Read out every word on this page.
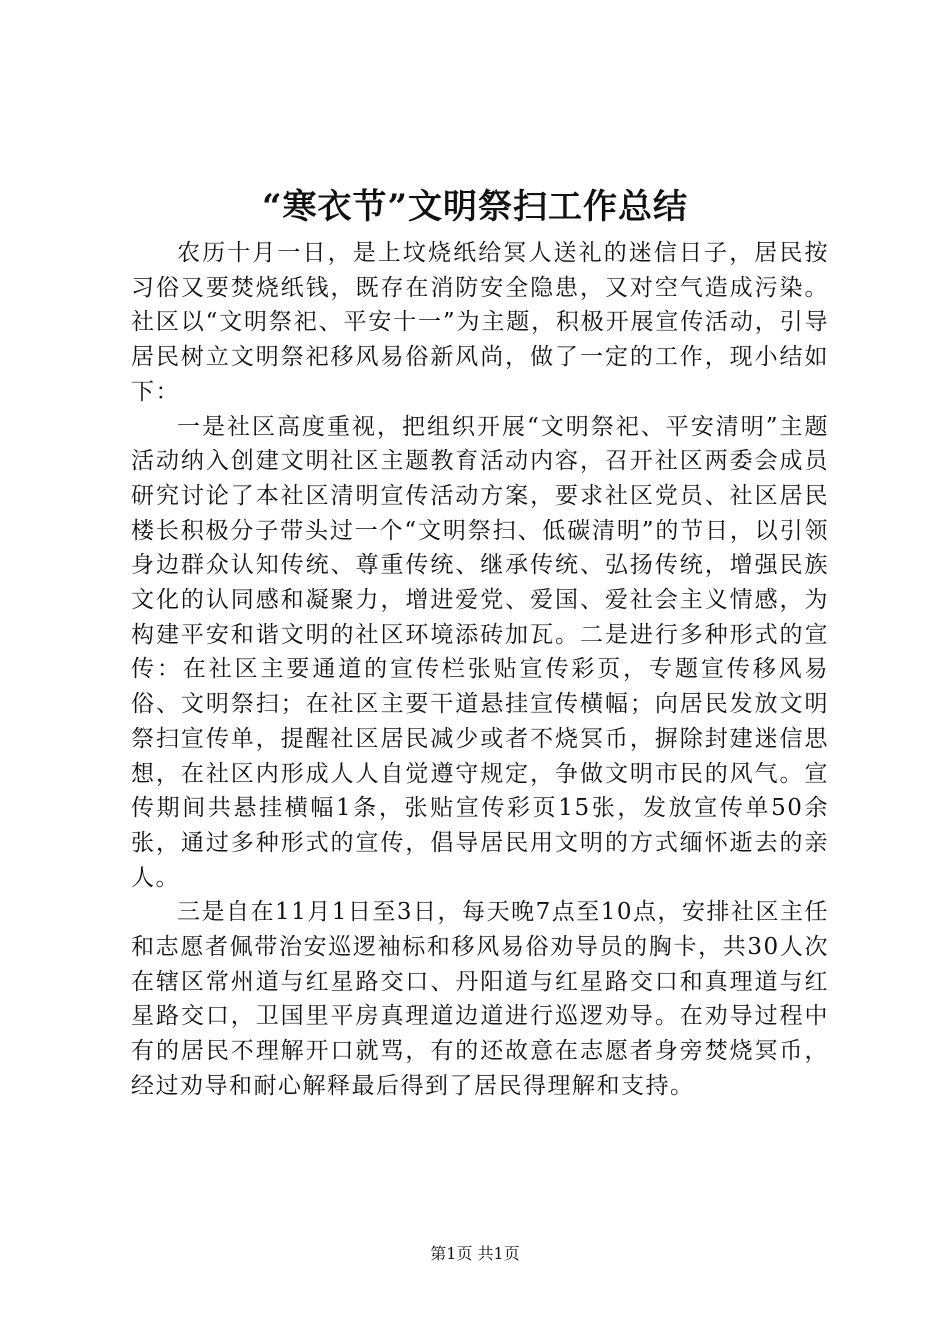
“寒衣节”文明祭扫工作总结

农历十月一日，是上坟烧纸给冥人送礼的迷信日子，居民按习俗又要焚烧纸钱，既存在消防安全隐患，又对空气造成污染。社区以“文明祭祀、平安十一”为主题，积极开展宣传活动，引导居民树立文明祭祀移风易俗新风尚，做了一定的工作，现小结如下：

一是社区高度重视，把组织开展“文明祭祀、平安清明”主题活动纳入创建文明社区主题教育活动内容，召开社区两委会成员研究讨论了本社区清明宣传活动方案，要求社区党员、社区居民楼长积极分子带头过一个“文明祭扫、低碳清明”的节日，以引领身边群众认知传统、尊重传统、继承传统、弘扬传统，增强民族文化的认同感和凝聚力，增进爱党、爱国、爱社会主义情感，为构建平安和谐文明的社区环境添砖加瓦。二是进行多种形式的宣传：在社区主要通道的宣传栏张贴宣传彩页，专题宣传移风易俗、文明祭扫；在社区主要干道悬挂宣传横幅；向居民发放文明祭扫宣传单，提醒社区居民减少或者不烧冥币，摒除封建迷信思想，在社区内形成人人自觉遵守规定，争做文明市民的风气。宣传期间共悬挂横幅1条，张贴宣传彩页15张，发放宣传单50余张，通过多种形式的宣传，倡导居民用文明的方式缅怀逝去的亲人。

三是自在11月1日至3日，每天晚7点至10点，安排社区主任和志愿者佩带治安巡逻袖标和移风易俗劝导员的胸卡，共30人次在辖区常州道与红星路交口、丹阳道与红星路交口和真理道与红星路交口，卫国里平房真理道边道进行巡逻劝导。在劝导过程中有的居民不理解开口就骂，有的还故意在志愿者身旁焚烧冥币，经过劝导和耐心解释最后得到了居民得理解和支持。

第1页 共1页
